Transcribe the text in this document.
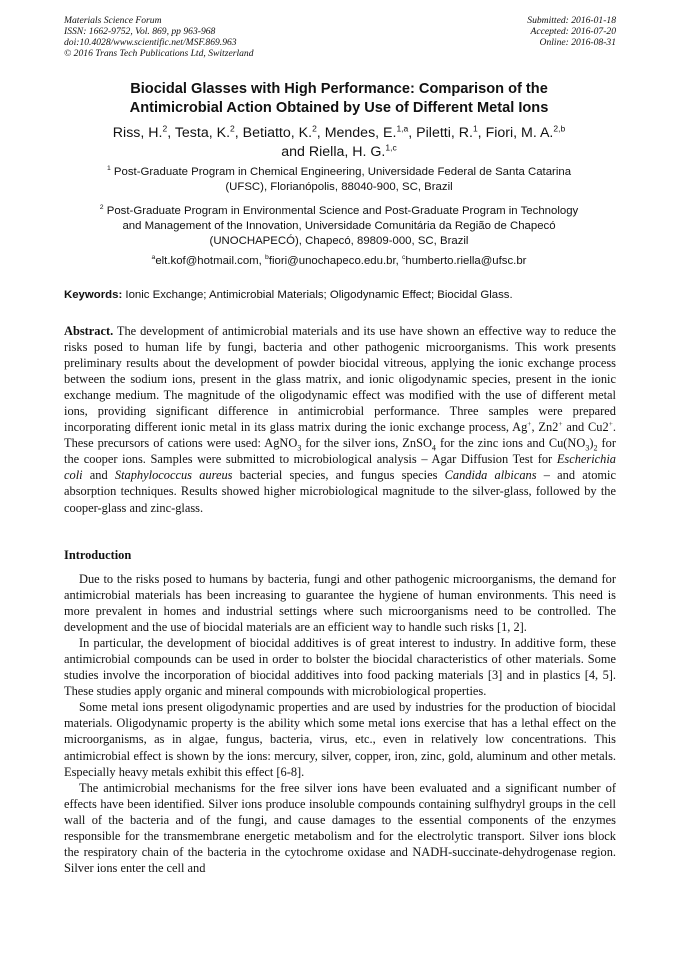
Materials Science Forum
ISSN: 1662-9752, Vol. 869, pp 963-968
doi:10.4028/www.scientific.net/MSF.869.963
© 2016 Trans Tech Publications Ltd, Switzerland
Submitted: 2016-01-18
Accepted: 2016-07-20
Online: 2016-08-31
Biocidal Glasses with High Performance: Comparison of the
Antimicrobial Action Obtained by Use of Different Metal Ions
Riss, H.$^2$, Testa, K.$^2$, Betiatto, K.$^2$, Mendes, E.$^{1,a}$, Piletti, R.$^1$, Fiori, M. A.$^{2,b}$
and Riella, H. G.$^{1,c}$
$^1$ Post-Graduate Program in Chemical Engineering, Universidade Federal de Santa Catarina
(UFSC), Florianópolis, 88040-900, SC, Brazil
$^2$ Post-Graduate Program in Environmental Science and Post-Graduate Program in Technology
and Management of the Innovation, Universidade Comunitária da Região de Chapecó
(UNOCHAPECÓ), Chapecó, 89809-000, SC, Brazil
$^a$elt.kof@hotmail.com, $^b$fiori@unochapeco.edu.br, $^c$humberto.riella@ufsc.br
Keywords: Ionic Exchange; Antimicrobial Materials; Oligodynamic Effect; Biocidal Glass.
Abstract. The development of antimicrobial materials and its use have shown an effective way to reduce the risks posed to human life by fungi, bacteria and other pathogenic microorganisms. This work presents preliminary results about the development of powder biocidal vitreous, applying the ionic exchange process between the sodium ions, present in the glass matrix, and ionic oligodynamic species, present in the ionic exchange medium. The magnitude of the oligodynamic effect was modified with the use of different metal ions, providing significant difference in antimicrobial performance. Three samples were prepared incorporating different ionic metal in its glass matrix during the ionic exchange process, Ag+, Zn2+ and Cu2+. These precursors of cations were used: AgNO$_3$ for the silver ions, ZnSO$_4$ for the zinc ions and $Cu(NO_3)_2$ for the cooper ions. Samples were submitted to microbiological analysis – Agar Diffusion Test for Escherichia coli and Staphylococcus aureus bacterial species, and fungus species Candida albicans – and atomic absorption techniques. Results showed higher microbiological magnitude to the silver-glass, followed by the cooper-glass and zinc-glass.
Introduction

Due to the risks posed to humans by bacteria, fungi and other pathogenic microorganisms, the demand for antimicrobial materials has been increasing to guarantee the hygiene of human environments. This need is more prevalent in homes and industrial settings where such microorganisms need to be controlled. The development and the use of biocidal materials are an efficient way to handle such risks [1, 2].

In particular, the development of biocidal additives is of great interest to industry. In additive form, these antimicrobial compounds can be used in order to bolster the biocidal characteristics of other materials. Some studies involve the incorporation of biocidal additives into food packing materials [3] and in plastics [4, 5]. These studies apply organic and mineral compounds with microbiological properties.

Some metal ions present oligodynamic properties and are used by industries for the production of biocidal materials. Oligodynamic property is the ability which some metal ions exercise that has a lethal effect on the microorganisms, as in algae, fungus, bacteria, virus, etc., even in relatively low concentrations. This antimicrobial effect is shown by the ions: mercury, silver, copper, iron, zinc, gold, aluminum and other metals. Especially heavy metals exhibit this effect [6-8].

The antimicrobial mechanisms for the free silver ions have been evaluated and a significant number of effects have been identified. Silver ions produce insoluble compounds containing sulfhydryl groups in the cell wall of the bacteria and of the fungi, and cause damages to the essential components of the enzymes responsible for the transmembrane energetic metabolism and for the electrolytic transport. Silver ions block the respiratory chain of the bacteria in the cytochrome oxidase and NADH-succinate-dehydrogenase region. Silver ions enter the cell and
